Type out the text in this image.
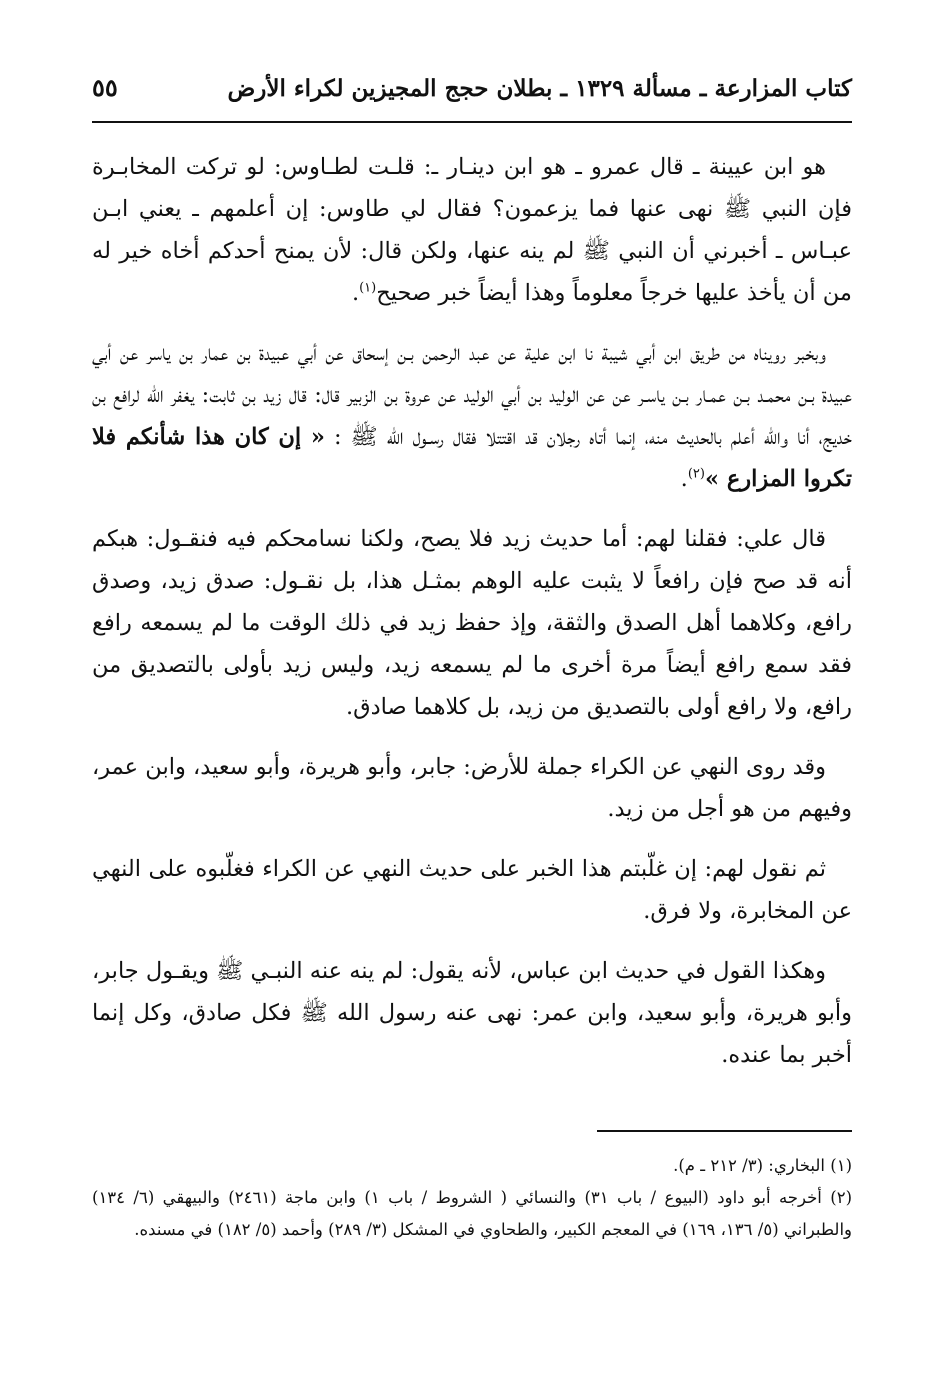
كتاب المزارعة ـ مسألة ١٣٢٩ ـ بطلان حجج المجيزين لكراء الأرض
٥٥

هو ابن عيينة ـ قال عمرو ـ هو ابن دينـار ـ: قلـت لطـاوس: لو تركت المخابـرة فإن النبي ﷺ نهى عنها فما يزعمون؟ فقال لي طاوس: إن أعلمهم ـ يعني ابـن عبـاس ـ أخبرني أن النبي ﷺ لم ينه عنها، ولكن قال: لأن يمنح أحدكم أخاه خير له من أن يأخذ عليها خرجاً معلوماً وهذا أيضاً خبر صحيح$^{(١)}$.

وبخبر رويناه من طريق ابن أبي شيبة نا ابن علية عن عبد الرحمن بـن إسحاق عن أبي عبيدة بن عمار بن ياسر عن أبي عبيدة بـن محمـد بـن عمـار بـن ياسـر عن عن الوليد بن أبي الوليد عن عروة بن الزبير قال: قال زيد بن ثابت: يغفر الله لرافع بن خديج، أنا والله أعلم بالحديث منه، إنما أتاه رجلان قد اقتتلا فقال رسـول الله ﷺ : « إن كان هذا شأنكم فلا تكروا المزارع »$^{(٢)}$.

قال علي: فقلنا لهم: أما حديث زيد فلا يصح، ولكنا نسامحكم فيه فنقـول: هبكم أنه قد صح فإن رافعاً لا يثبت عليه الوهم بمثـل هذا، بل نقـول: صدق زيد، وصدق رافع، وكلاهما أهل الصدق والثقة، وإذ حفظ زيد في ذلك الوقت ما لم يسمعه رافع فقد سمع رافع أيضاً مرة أخرى ما لم يسمعه زيد، وليس زيد بأولى بالتصديق من رافع، ولا رافع أولى بالتصديق من زيد، بل كلاهما صادق.

وقد روى النهي عن الكراء جملة للأرض: جابر، وأبو هريرة، وأبو سعيد، وابن عمر، وفيهم من هو أجل من زيد.

ثم نقول لهم: إن غلّبتم هذا الخبر على حديث النهي عن الكراء فغلّبوه على النهي عن المخابرة، ولا فرق.

وهكذا القول في حديث ابن عباس، لأنه يقول: لم ينه عنه النبـي ﷺ ويقـول جابر، وأبو هريرة، وأبو سعيد، وابن عمر: نهى عنه رسول الله ﷺ فكل صادق، وكل إنما أخبر بما عنده.

(١) البخاري: (٣/ ٢١٢ ـ م).

(٢) أخرجه أبو داود (البيوع / باب ٣١) والنسائي ( الشروط / باب ١) وابن ماجة (٢٤٦١) والبيهقي (٦/ ١٣٤) والطبراني (٥/ ١٣٦، ١٦٩) في المعجم الكبير، والطحاوي في المشكل (٣/ ٢٨٩) وأحمد (٥/ ١٨٢) في مسنده.
